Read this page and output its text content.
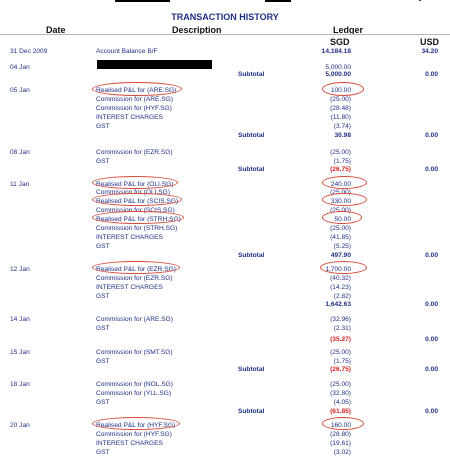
TRANSACTION HISTORY
Date	Description	Ledger
SGD	USD
31 Dec 2009	Account Balance B/F	14,184.18	34.20
04 Jan	5,000.00
Subtotal	5,000.00	0.00
05 Jan	Realised P&L for (ARE.SG)	100.00
Commission for (ARE.SG)	(25.00)
Commission for (HYF.SG)	(28.48)
INTEREST CHARGES	(11.80)
GST	(3.74)
Subtotal	30.98	0.00
08 Jan	Commission for (EZR.SG)	(25.00)
GST	(1.75)
Subtotal	(26.75)	0.00
11 Jan	Realised P&L for (OLI.SG)	240.00
Commission for (OLI.SG)	(25.00)
Realised P&L for (SCIS.SG)	330.00
Commission for (SCIS.SG)	(25.00)
Realised P&L for (STRH.SG)	50.00
Commission for (STRH.SG)	(25.00)
INTEREST CHARGES	(41.85)
GST	(5.25)
Subtotal	497.90	0.00
12 Jan	Realised P&L for (EZR.SG)	1,700.00
Commission for (EZR.SG)	(40.32)
INTEREST CHARGES	(14.23)
GST	(2.82)
1,642.63	0.00
14 Jan	Commission for (ARE.SG)	(32.96)
GST	(2.31)
(35.27)	0.00
15 Jan	Commission for (SMT.SG)	(25.00)
GST	(1.75)
Subtotal	(26.75)	0.00
18 Jan	Commission for (NOL.SG)	(25.00)
Commission for (YLL.SG)	(32.80)
GST	(4.05)
Subtotal	(61.85)	0.00
20 Jan	Realised P&L for (HYF.SG)	160.00
Commission for (HYF.SG)	(28.80)
INTEREST CHARGES	(19.61)
GST	(3.02)
